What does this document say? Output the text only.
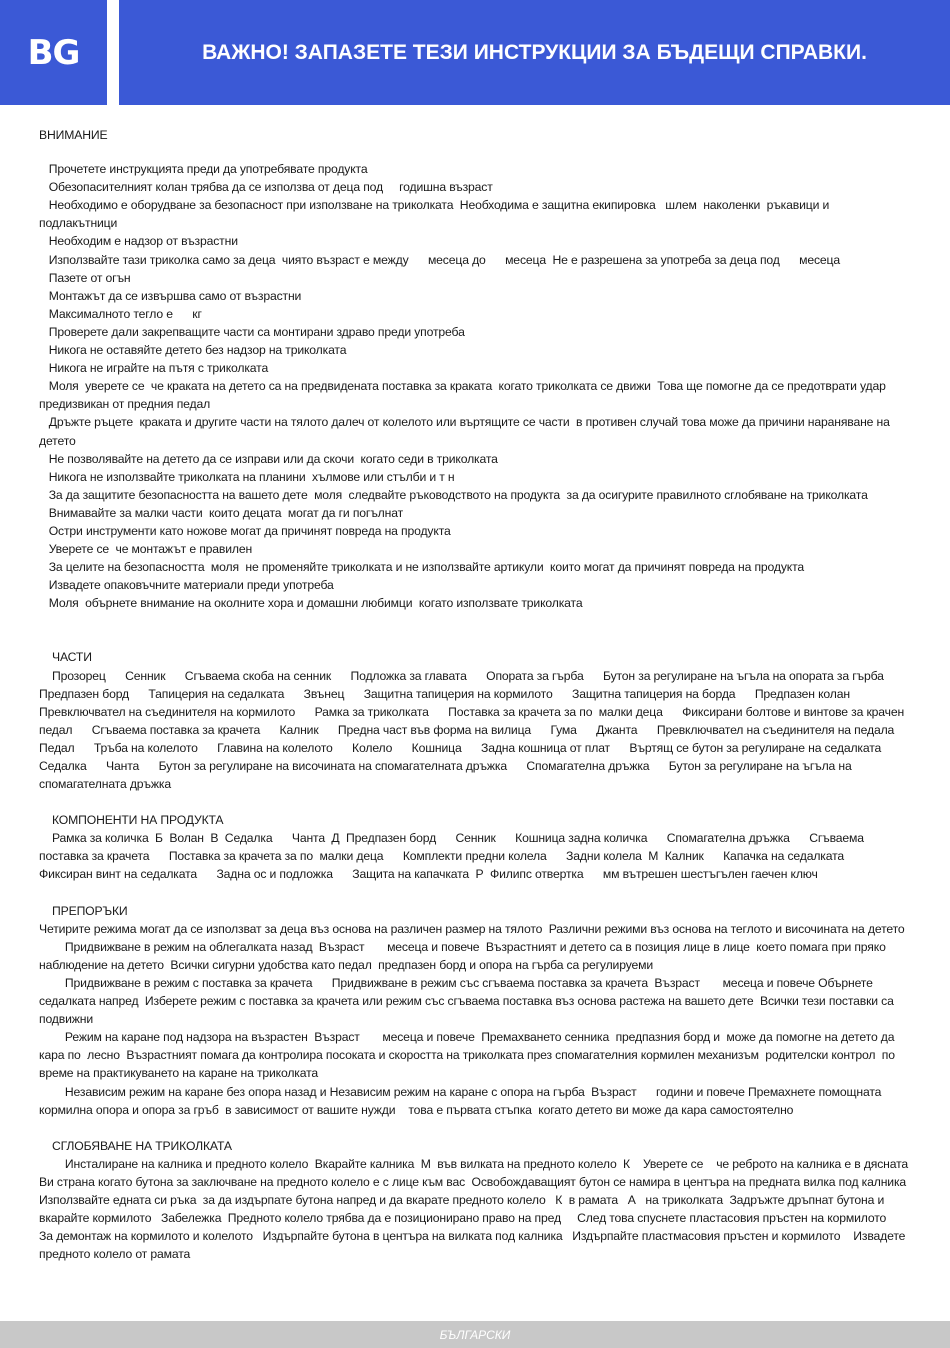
BG	ВАЖНО! ЗАПАЗЕТЕ ТЕЗИ ИНСТРУКЦИИ ЗА БЪДЕЩИ СПРАВКИ.

ВНИМАНИЕ

Прочетете инструкцията преди да употребявате продукта

Обезопасителният колан трябва да се използва от деца под     годишна възраст

Необходимо е оборудване за безопасност при използване на триколката  Необходима е защитна екипировка   шлем  наколенки  ръкавици и подлакътници

Необходим е надзор от възрастни

Използвайте тази триколка само за деца  чиято възраст е между      месеца до      месеца  Не е разрешена за употреба за деца под      месеца

Пазете от огън

Монтажът да се извършва само от възрастни

Максималното тегло е      кг

Проверете дали закрепващите части са монтирани здраво преди употреба

Никога не оставяйте детето без надзор на триколката

Никога не играйте на пътя с триколката

Моля  уверете се  че краката на детето са на предвидената поставка за краката  когато триколката се движи  Това ще помогне да се предотврати удар  предизвикан от предния педал

Дръжте ръцете  краката и другите части на тялото далеч от колелото или въртящите се части  в противен случай това може да причини нараняване на детето

Не позволявайте на детето да се изправи или да скочи  когато седи в триколката

Никога не използвайте триколката на планини  хълмове или стълби и т н

За да защитите безопасността на вашето дете  моля  следвайте ръководството на продукта  за да осигурите правилното сглобяване на триколката

Внимавайте за малки части  които децата  могат да ги погълнат

Остри инструменти като ножове могат да причинят повреда на продукта

Уверете се  че монтажът е правилен

За целите на безопасността  моля  не променяйте триколката и не използвайте артикули  които могат да причинят повреда на продукта

Извадете опаковъчните материали преди употреба

Моля  обърнете внимание на околните хора и домашни любимци  когато използвате триколката

ЧАСТИ

Прозорец      Сенник      Сгъваема скоба на сенник      Подложка за главата      Опората за гърба      Бутон за регулиране на ъгъла на опората за гърба      Предпазен борд      Тапицерия на седалката      Звънец      Защитна тапицерия на кормилото      Защитна тапицерия на борда      Предпазен колан      Превключвател на съединителя на кормилото      Рамка за триколката      Поставка за крачета за по  малки деца      Фиксирани болтове и винтове за крачен педал      Сгъваема поставка за крачета      Калник      Предна част във форма на вилица      Гума      Джанта      Превключвател на съединителя на педала      Педал      Тръба на колелото      Главина на колелото      Колело      Кошница      Задна кошница от плат      Въртящ се бутон за регулиране на седалката      Седалка      Чанта      Бутон за регулиране на височината на спомагателната дръжка      Спомагателна дръжка      Бутон за регулиране на ъгъла на спомагателната дръжка

КОМПОНЕНТИ НА ПРОДУКТА

Рамка за количка  Б  Волан  В  Седалка      Чанта  Д  Предпазен борд      Сенник      Кошница задна количка      Спомагателна дръжка      Сгъваема поставка за крачета      Поставка за крачета за по  малки деца      Комплекти предни колела      Задни колела  М  Калник      Капачка на седалката      Фиксиран винт на седалката      Задна ос и подложка      Защита на капачката  Р  Филипс отвертка      мм вътрешен шестъгълен гаечен ключ

ПРЕПОРЪКИ

Четирите режима могат да се използват за деца въз основа на различен размер на тялото  Различни режими въз основа на теглото и височината на детето

Придвижване в режим на облегалката назад  Възраст       месеца и повече  Възрастният и детето са в позиция лице в лице  което помага при пряко наблюдение на детето  Всички сигурни удобства като педал  предпазен борд и опора на гърба са регулируеми

Придвижване в режим с поставка за крачета      Придвижване в режим със сгъваема поставка за крачета  Възраст       месеца и повече Обърнете седалката напред  Изберете режим с поставка за крачета или режим със сгъваема поставка въз основа растежа на вашето дете  Всички тези поставки са подвижни

Режим на каране под надзора на възрастен  Възраст       месеца и повече  Премахването сенника  предпазния борд и  може да помогне на детето да кара по  лесно  Възрастният помага да контролира посоката и скоростта на триколката през спомагателния кормилен механизъм  родителски контрол  по време на практикуването на каране на триколката

Независим режим на каране без опора назад и Независим режим на каране с опора на гърба  Възраст      години и повече Премахнете помощната кормилна опора и опора за гръб  в зависимост от вашите нужди    това е първата стъпка  когато детето ви може да кара самостоятелно

СГЛОБЯВАНЕ НА ТРИКОЛКАТА

Инсталиране на калника и предното колело  Вкарайте калника  М  във вилката на предното колело  К    Уверете се    че реброто на калника е в дясната Ви страна когато бутона за заключване на предното колело е с лице към вас  Освобождаващият бутон се намира в центъра на предната вилка под калника   Използвайте едната си ръка  за да издърпате бутона напред и да вкарате предното колело   К  в рамата   А   на триколката  Задръжте дръпнат бутона и вкарайте кормилото   Забележка  Предното колело трябва да е позиционирано право на пред     След това спуснете пластасовия пръстен на кормилото   За демонтаж на кормилото и колелото   Издърпайте бутона в центъра на вилката под калника   Издърпайте пластмасовия пръстен и кормилото    Извадете предното колело от рамата

БЪЛГАРСКИ
